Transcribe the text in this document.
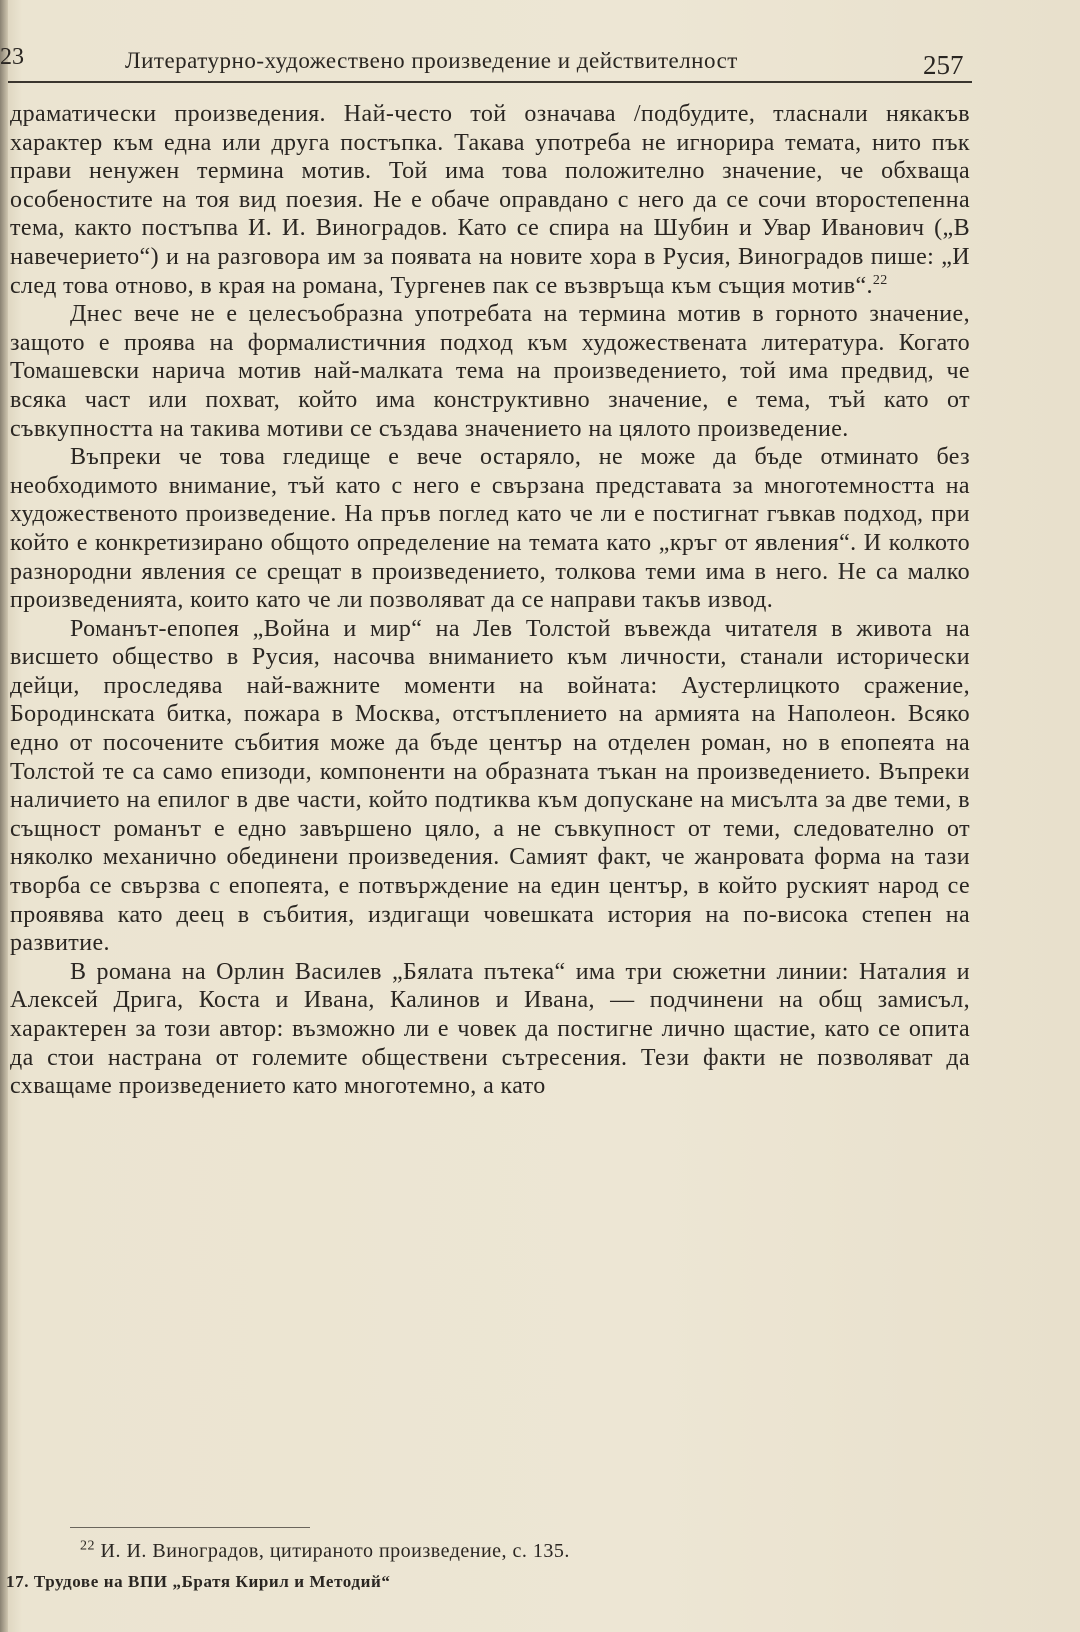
23	Литературно-художествено произведение и действителност	257

драматически произведения. Най-често той означава /подбудите, тласнали някакъв характер към една или друга постъпка. Такава употреба не игнорира темата, нито пък прави ненужен термина мотив. Той има това положително значение, че обхваща особеностите на тоя вид поезия. Не е обаче оправдано с него да се сочи второстепенна тема, както постъпва И. И. Виноградов. Като се спира на Шубин и Увар Иванович („В навечерието“) и на разговора им за появата на новите хора в Русия, Виноградов пише: „И след това отново, в края на романа, Тургенев пак се възвръща към същия мотив“.$^{22}$

Днес вече не е целесъобразна употребата на термина мотив в горното значение, защото е проява на формалистичния подход към художествената литература. Когато Томашевски нарича мотив най-малката тема на произведението, той има предвид, че всяка част или похват, който има конструктивно значение, е тема, тъй като от съвкупността на такива мотиви се създава значението на цялото произведение.

Въпреки че това гледище е вече остаряло, не може да бъде отминато без необходимото внимание, тъй като с него е свързана представата за многотемността на художественото произведение. На пръв поглед като че ли е постигнат гъвкав подход, при който е конкретизирано общото определение на темата като „кръг от явления“. И колкото разнородни явления се срещат в произведението, толкова теми има в него. Не са малко произведенията, които като че ли позволяват да се направи такъв извод.

Романът-епопея „Война и мир“ на Лев Толстой въвежда читателя в живота на висшето общество в Русия, насочва вниманието към личности, станали исторически дейци, проследява най-важните моменти на войната: Аустерлицкото сражение, Бородинската битка, пожара в Москва, отстъплението на армията на Наполеон. Всяко едно от посочените събития може да бъде център на отделен роман, но в епопеята на Толстой те са само епизоди, компоненти на образната тъкан на произведението. Въпреки наличието на епилог в две части, който подтиква към допускане на мисълта за две теми, в същност романът е едно завършено цяло, а не съвкупност от теми, следователно от няколко механично обединени произведения. Самият факт, че жанровата форма на тази творба се свързва с епопеята, е потвърждение на един център, в който руският народ се проявява като деец в събития, издигащи човешката история на по-висока степен на развитие.

В романа на Орлин Василев „Бялата пътека“ има три сюжетни линии: Наталия и Алексей Дрига, Коста и Ивана, Калинов и Ивана, — подчинени на общ замисъл, характерен за този автор: възможно ли е човек да постигне лично щастие, като се опита да стои настрана от големите обществени сътресения. Тези факти не позволяват да схващаме произведението като многотемно, а като

$^{22}$ И. И. Виноградов, цитираното произведение, с. 135.
17. Трудове на ВПИ „Братя Кирил и Методий“
